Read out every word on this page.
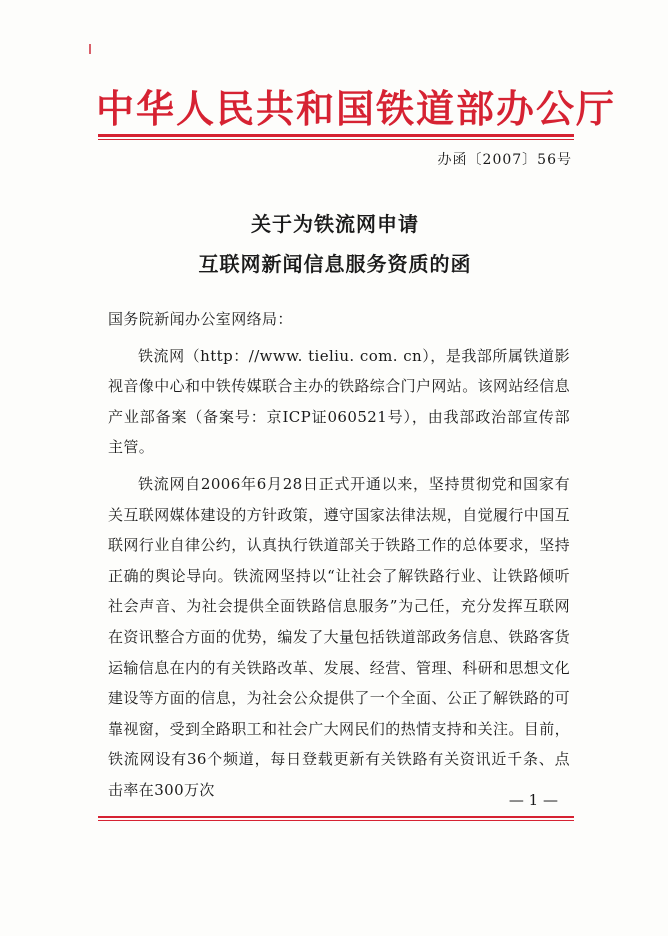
中华人民共和国铁道部办公厅
办函〔2007〕56号
关于为铁流网申请
互联网新闻信息服务资质的函

国务院新闻办公室网络局：

铁流网（http：//www. tieliu. com. cn），是我部所属铁道影视音像中心和中铁传媒联合主办的铁路综合门户网站。该网站经信息产业部备案（备案号：京ICP证060521号），由我部政治部宣传部主管。

铁流网自2006年6月28日正式开通以来，坚持贯彻党和国家有关互联网媒体建设的方针政策，遵守国家法律法规，自觉履行中国互联网行业自律公约，认真执行铁道部关于铁路工作的总体要求，坚持正确的舆论导向。铁流网坚持以“让社会了解铁路行业、让铁路倾听社会声音、为社会提供全面铁路信息服务”为己任，充分发挥互联网在资讯整合方面的优势，编发了大量包括铁道部政务信息、铁路客货运输信息在内的有关铁路改革、发展、经营、管理、科研和思想文化建设等方面的信息，为社会公众提供了一个全面、公正了解铁路的可靠视窗，受到全路职工和社会广大网民们的热情支持和关注。目前，铁流网设有36个频道，每日登载更新有关铁路有关资讯近千条、点击率在300万次

— 1 —
